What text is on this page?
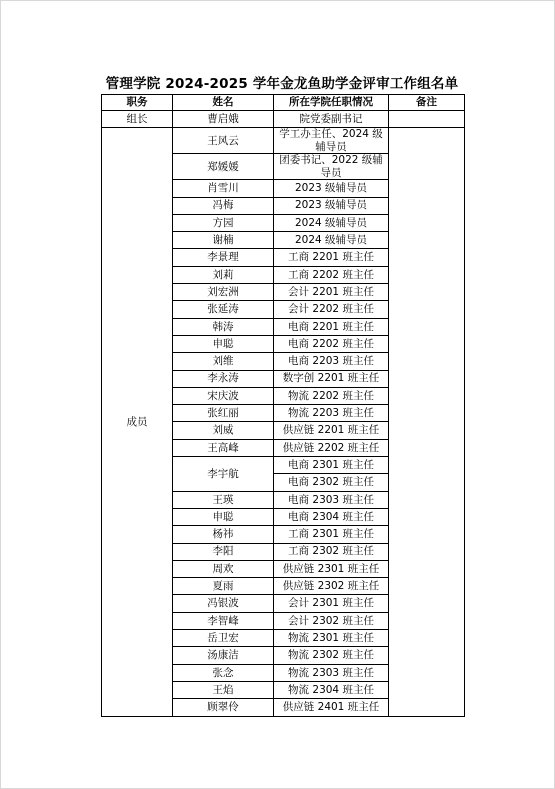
管理学院 2024-2025 学年金龙鱼助学金评审工作组名单
职务	姓名	所在学院任职情况	备注
组长	曹启娥	院党委副书记	
成员	王风云	学工办主任、2024 级辅导员	
	郑媛媛	团委书记、2022 级辅导员	
	肖雪川	2023 级辅导员	
	冯梅	2023 级辅导员	
	方园	2024 级辅导员	
	谢楠	2024 级辅导员	
	李景理	工商 2201 班主任	
	刘莉	工商 2202 班主任	
	刘宏洲	会计 2201 班主任	
	张延涛	会计 2202 班主任	
	韩涛	电商 2201 班主任	
	申聪	电商 2202 班主任	
	刘维	电商 2203 班主任	
	李永涛	数字创 2201 班主任	
	宋庆波	物流 2202 班主任	
	张红丽	物流 2203 班主任	
	刘威	供应链 2201 班主任	
	王高峰	供应链 2202 班主任	
	李宇航	电商 2301 班主任	
		电商 2302 班主任	
	王瑛	电商 2303 班主任	
	申聪	电商 2304 班主任	
	杨祎	工商 2301 班主任	
	李阳	工商 2302 班主任	
	周欢	供应链 2301 班主任	
	夏雨	供应链 2302 班主任	
	冯银波	会计 2301 班主任	
	李智峰	会计 2302 班主任	
	岳卫宏	物流 2301 班主任	
	汤康洁	物流 2302 班主任	
	张念	物流 2303 班主任	
	王焰	物流 2304 班主任	
	顾翠伶	供应链 2401 班主任	
